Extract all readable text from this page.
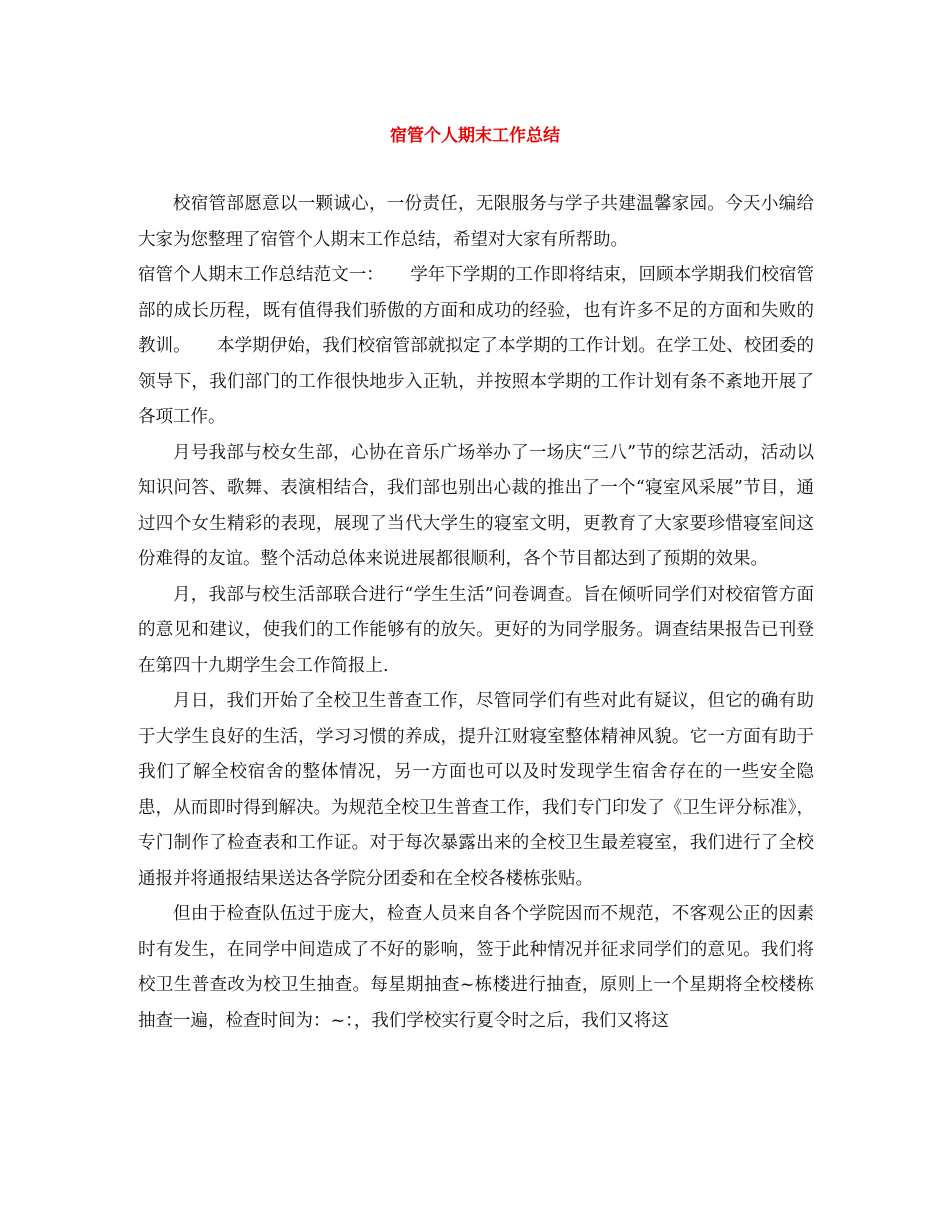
宿管个人期末工作总结

校宿管部愿意以一颗诚心，一份责任，无限服务与学子共建温馨家园。今天小编给大家为您整理了宿管个人期末工作总结，希望对大家有所帮助。

宿管个人期末工作总结范文一：　　学年下学期的工作即将结束，回顾本学期我们校宿管部的成长历程，既有值得我们骄傲的方面和成功的经验，也有许多不足的方面和失败的教训。　　本学期伊始，我们校宿管部就拟定了本学期的工作计划。在学工处、校团委的领导下，我们部门的工作很快地步入正轨，并按照本学期的工作计划有条不紊地开展了各项工作。

月号我部与校女生部，心协在音乐广场举办了一场庆“三八”节的综艺活动，活动以知识问答、歌舞、表演相结合，我们部也别出心裁的推出了一个“寝室风采展”节目，通过四个女生精彩的表现，展现了当代大学生的寝室文明，更教育了大家要珍惜寝室间这份难得的友谊。整个活动总体来说进展都很顺利，各个节目都达到了预期的效果。

月，我部与校生活部联合进行“学生生活”问卷调查。旨在倾听同学们对校宿管方面的意见和建议，使我们的工作能够有的放矢。更好的为同学服务。调查结果报告已刊登在第四十九期学生会工作简报上.

月日，我们开始了全校卫生普查工作，尽管同学们有些对此有疑议，但它的确有助于大学生良好的生活，学习习惯的养成，提升江财寝室整体精神风貌。它一方面有助于我们了解全校宿舍的整体情况，另一方面也可以及时发现学生宿舍存在的一些安全隐患，从而即时得到解决。为规范全校卫生普查工作，我们专门印发了《卫生评分标准》，专门制作了检查表和工作证。对于每次暴露出来的全校卫生最差寝室，我们进行了全校通报并将通报结果送达各学院分团委和在全校各楼栋张贴。

但由于检查队伍过于庞大，检查人员来自各个学院因而不规范，不客观公正的因素时有发生，在同学中间造成了不好的影响，签于此种情况并征求同学们的意见。我们将校卫生普查改为校卫生抽查。每星期抽查~栋楼进行抽查，原则上一个星期将全校楼栋抽查一遍，检查时间为：~：，我们学校实行夏令时之后，我们又将这
